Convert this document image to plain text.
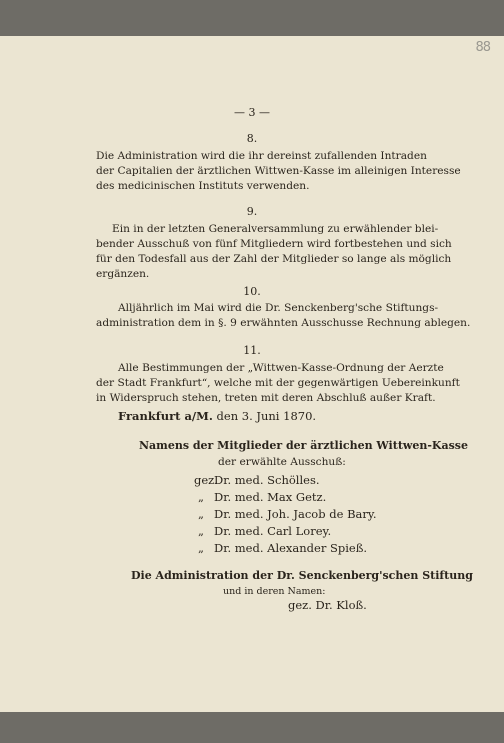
88
— 3 —
8.
Die Administration wird die ihr dereinst zufallenden Intraden
der Capitalien der ärztlichen Wittwen-Kasse im alleinigen Interesse
des medicinischen Instituts verwenden.
9.
Ein in der letzten Generalversammlung zu erwählender blei-
bender Ausschuß von fünf Mitgliedern wird fortbestehen und sich
für den Todesfall aus der Zahl der Mitglieder so lange als möglich
ergänzen.
10.
Alljährlich im Mai wird die Dr. Senckenberg'sche Stiftungs-
administration dem in §. 9 erwähnten Ausschusse Rechnung ablegen.
11.
Alle Bestimmungen der „Wittwen-Kasse-Ordnung der Aerzte
der Stadt Frankfurt“, welche mit der gegenwärtigen Uebereinkunft
in Widerspruch stehen, treten mit deren Abschluß außer Kraft.
Frankfurt a/M. den 3. Juni 1870.
Namens der Mitglieder der ärztlichen Wittwen-Kasse
der erwählte Ausschuß:
gez.Dr. med. Schölles.
„ Dr. med. Max Getz.
„ Dr. med. Joh. Jacob de Bary.
„ Dr. med. Carl Lorey.
„ Dr. med. Alexander Spieß.
Die Administration der Dr. Senckenberg'schen Stiftung
und in deren Namen:
gez. Dr. Kloß.
